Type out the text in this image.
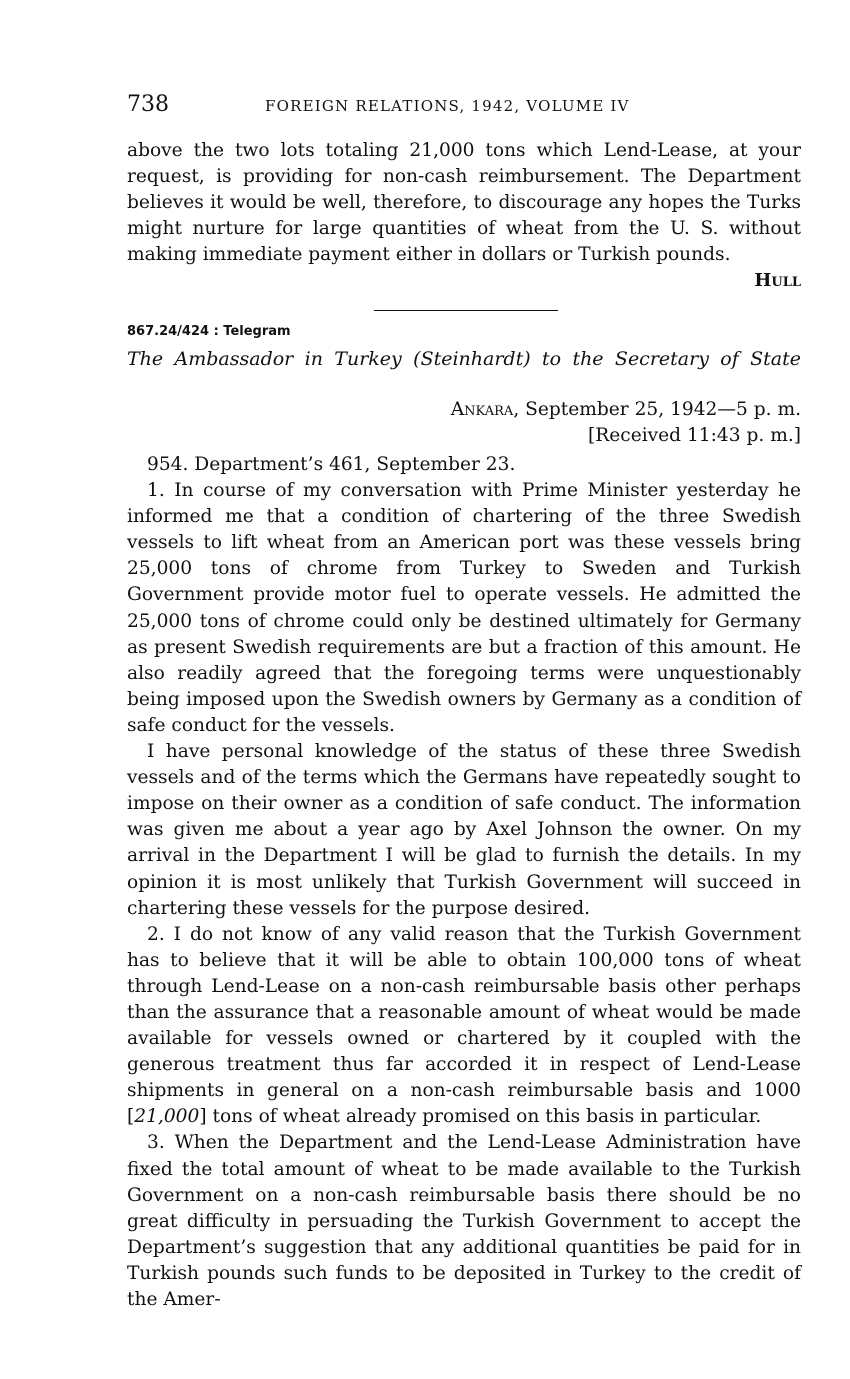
738	FOREIGN RELATIONS, 1942, VOLUME IV

above the two lots totaling 21,000 tons which Lend-Lease, at your request, is providing for non-cash reimbursement. The Department believes it would be well, therefore, to discourage any hopes the Turks might nurture for large quantities of wheat from the U. S. without making immediate payment either in dollars or Turkish pounds.

Hull

867.24/424 : Telegram

The Ambassador in Turkey (Steinhardt) to the Secretary of State

Ankara, September 25, 1942—5 p. m.
[Received 11:43 p. m.]

954. Department’s 461, September 23.

1. In course of my conversation with Prime Minister yesterday he informed me that a condition of chartering of the three Swedish vessels to lift wheat from an American port was these vessels bring 25,000 tons of chrome from Turkey to Sweden and Turkish Government provide motor fuel to operate vessels. He admitted the 25,000 tons of chrome could only be destined ultimately for Germany as present Swedish requirements are but a fraction of this amount. He also readily agreed that the foregoing terms were unquestionably being imposed upon the Swedish owners by Germany as a condition of safe conduct for the vessels.

I have personal knowledge of the status of these three Swedish vessels and of the terms which the Germans have repeatedly sought to impose on their owner as a condition of safe conduct. The information was given me about a year ago by Axel Johnson the owner. On my arrival in the Department I will be glad to furnish the details. In my opinion it is most unlikely that Turkish Government will succeed in chartering these vessels for the purpose desired.

2. I do not know of any valid reason that the Turkish Government has to believe that it will be able to obtain 100,000 tons of wheat through Lend-Lease on a non-cash reimbursable basis other perhaps than the assurance that a reasonable amount of wheat would be made available for vessels owned or chartered by it coupled with the generous treatment thus far accorded it in respect of Lend-Lease shipments in general on a non-cash reimbursable basis and 1000 [21,000] tons of wheat already promised on this basis in particular.

3. When the Department and the Lend-Lease Administration have fixed the total amount of wheat to be made available to the Turkish Government on a non-cash reimbursable basis there should be no great difficulty in persuading the Turkish Government to accept the Department’s suggestion that any additional quantities be paid for in Turkish pounds such funds to be deposited in Turkey to the credit of the Amer-
